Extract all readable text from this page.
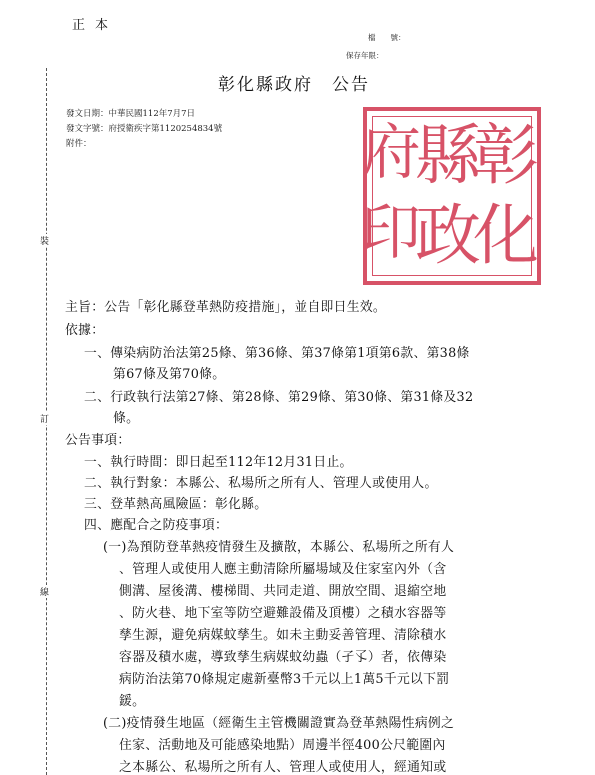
正本
檔　　號：
保存年限：
裝
訂
線
彰化縣政府　公告
發文日期：中華民國112年7月7日
發文字號：府授衛疾字第1120254834號
附件：	彰
縣
府
化
政
印
主旨：公告「彰化縣登革熱防疫措施」，並自即日生效。
依據：
一、傳染病防治法第25條、第36條、第37條第1項第6款、第38條
第67條及第70條。
二、行政執行法第27條、第28條、第29條、第30條、第31條及32
條。
公告事項：
一、執行時間：即日起至112年12月31日止。
二、執行對象：本縣公、私場所之所有人、管理人或使用人。
三、登革熱高風險區：彰化縣。
四、應配合之防疫事項：
(一)為預防登革熱疫情發生及擴散，本縣公、私場所之所有人
、管理人或使用人應主動清除所屬場域及住家室內外（含
側溝、屋後溝、樓梯間、共同走道、開放空間、退縮空地
、防火巷、地下室等防空避難設備及頂樓）之積水容器等
孳生源，避免病媒蚊孳生。如未主動妥善管理、清除積水
容器及積水處，導致孳生病媒蚊幼蟲（孑孓）者，依傳染
病防治法第70條規定處新臺幣3千元以上1萬5千元以下罰
鍰。
(二)疫情發生地區（經衛生主管機關證實為登革熱陽性病例之
住家、活動地及可能感染地點）周邊半徑400公尺範圍內
之本縣公、私場所之所有人、管理人或使用人，經通知或
